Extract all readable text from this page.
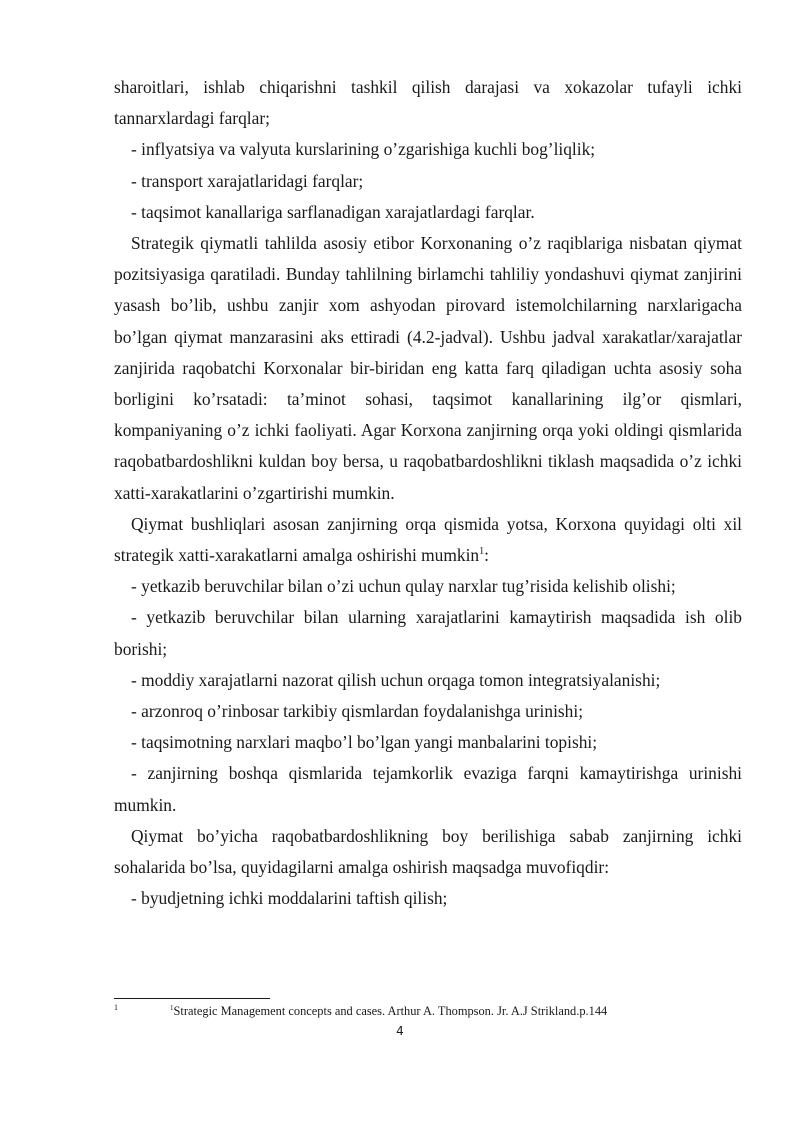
sharoitlari, ishlab chiqarishni tashkil qilish darajasi va xokazolar tufayli ichki tannarxlardagi farqlar;

- inflyatsiya va valyuta kurslarining o’zgarishiga kuchli bog’liqlik;

- transport xarajatlaridagi farqlar;

- taqsimot kanallariga sarflanadigan xarajatlardagi farqlar.

Strategik qiymatli tahlilda asosiy etibor Korxonaning o’z raqiblariga nisbatan qiymat pozitsiyasiga qaratiladi. Bunday tahlilning birlamchi tahliliy yondashuvi qiymat zanjirini yasash bo’lib, ushbu zanjir xom ashyodan pirovard istemolchilarning narxlarigacha bo’lgan qiymat manzarasini aks ettiradi (4.2-jadval). Ushbu jadval xarakatlar/xarajatlar zanjirida raqobatchi Korxonalar bir-biridan eng katta farq qiladigan uchta asosiy soha borligini ko’rsatadi: ta’minot sohasi, taqsimot kanallarining ilg’or qismlari, kompaniyaning o’z ichki faoliyati. Agar Korxona zanjirning orqa yoki oldingi qismlarida raqobatbardoshlikni kuldan boy bersa, u raqobatbardoshlikni tiklash maqsadida o’z ichki xatti-xarakatlarini o’zgartirishi mumkin.

Qiymat bushliqlari asosan zanjirning orqa qismida yotsa, Korxona quyidagi olti xil strategik xatti-xarakatlarni amalga oshirishi mumkin$^1$:

- yetkazib beruvchilar bilan o’zi uchun qulay narxlar tug’risida kelishib olishi;

- yetkazib beruvchilar bilan ularning xarajatlarini kamaytirish maqsadida ish olib borishi;

- moddiy xarajatlarni nazorat qilish uchun orqaga tomon integratsiyalanishi;

- arzonroq o’rinbosar tarkibiy qismlardan foydalanishga urinishi;

- taqsimotning narxlari maqbo’l bo’lgan yangi manbalarini topishi;

- zanjirning boshqa qismlarida tejamkorlik evaziga farqni kamaytirishga urinishi mumkin.

Qiymat bo’yicha raqobatbardoshlikning boy berilishiga sabab zanjirning ichki sohalarida bo’lsa, quyidagilarni amalga oshirish maqsadga muvofiqdir:

- byudjetning ichki moddalarini taftish qilish;

1	$^1$Strategic Management concepts and cases. Arthur A. Thompson. Jr. A.J Strikland.p.144
4
